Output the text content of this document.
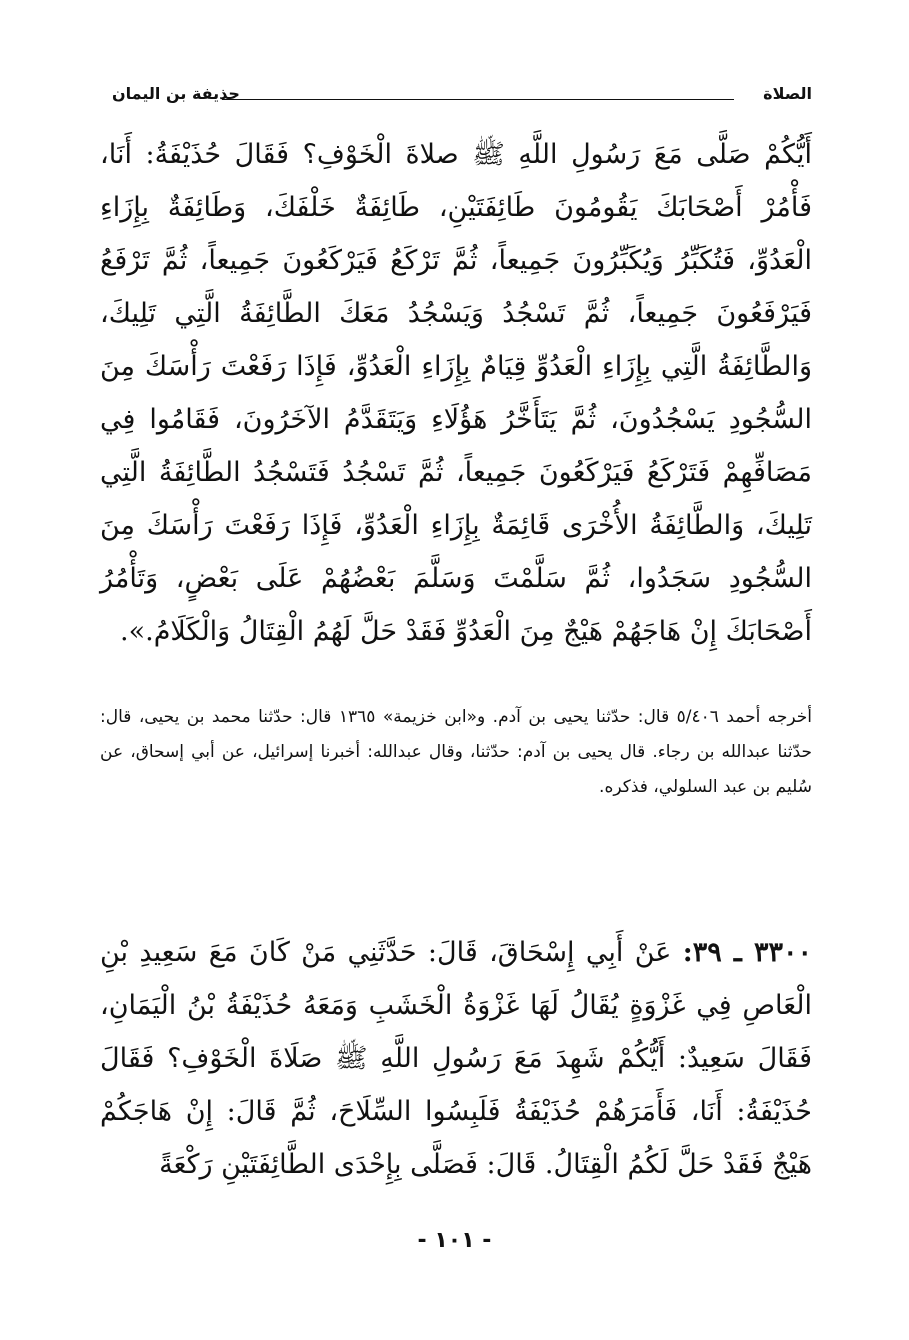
الصلاة
حذيفة بن اليمان

أَيُّكُمْ صَلَّى مَعَ رَسُولِ اللَّهِ ﷺ صلاةَ الْخَوْفِ؟ فَقَالَ حُذَيْفَةُ: أَنَا، فَأْمُرْ أَصْحَابَكَ يَقُومُونَ طَائِفَتَيْنِ، طَائِفَةٌ خَلْفَكَ، وَطَائِفَةٌ بِإِزَاءِ الْعَدُوِّ، فَتُكَبِّرُ وَيُكَبِّرُونَ جَمِيعاً، ثُمَّ تَرْكَعُ فَيَرْكَعُونَ جَمِيعاً، ثُمَّ تَرْفَعُ فَيَرْفَعُونَ جَمِيعاً، ثُمَّ تَسْجُدُ وَيَسْجُدُ مَعَكَ الطَّائِفَةُ الَّتِي تَلِيكَ، وَالطَّائِفَةُ الَّتِي بِإِزَاءِ الْعَدُوِّ قِيَامٌ بِإِزَاءِ الْعَدُوِّ، فَإِذَا رَفَعْتَ رَأْسَكَ مِنَ السُّجُودِ يَسْجُدُونَ، ثُمَّ يَتَأَخَّرُ هَؤُلَاءِ وَيَتَقَدَّمُ الآخَرُونَ، فَقَامُوا فِي مَصَافِّهِمْ فَتَرْكَعُ فَيَرْكَعُونَ جَمِيعاً، ثُمَّ تَسْجُدُ فَتَسْجُدُ الطَّائِفَةُ الَّتِي تَلِيكَ، وَالطَّائِفَةُ الأُخْرَى قَائِمَةٌ بِإِزَاءِ الْعَدُوِّ، فَإِذَا رَفَعْتَ رَأْسَكَ مِنَ السُّجُودِ سَجَدُوا، ثُمَّ سَلَّمْتَ وَسَلَّمَ بَعْضُهُمْ عَلَى بَعْضٍ، وَتَأْمُرُ أَصْحَابَكَ إِنْ هَاجَهُمْ هَيْجٌ مِنَ الْعَدُوِّ فَقَدْ حَلَّ لَهُمُ الْقِتَالُ وَالْكَلَامُ.».

أخرجه أحمد ٥/٤٠٦ قال: حدّثنا يحيى بن آدم. و«ابن خزيمة» ١٣٦٥ قال: حدّثنا محمد بن يحيى، قال: حدّثنا عبدالله بن رجاء. قال يحيى بن آدم: حدّثنا، وقال عبدالله: أخبرنا إسرائيل، عن أبي إسحاق، عن سُليم بن عبد السلولي، فذكره.

٣٣٠٠ ـ ٣٩: عَنْ أَبِي إِسْحَاقَ، قَالَ: حَدَّثَنِي مَنْ كَانَ مَعَ سَعِيدِ بْنِ الْعَاصِ فِي غَزْوَةٍ يُقَالُ لَهَا غَزْوَةُ الْخَشَبِ وَمَعَهُ حُذَيْفَةُ بْنُ الْيَمَانِ، فَقَالَ سَعِيدٌ: أَيُّكُمْ شَهِدَ مَعَ رَسُولِ اللَّهِ ﷺ صَلَاةَ الْخَوْفِ؟ فَقَالَ حُذَيْفَةُ: أَنَا، فَأَمَرَهُمْ حُذَيْفَةُ فَلَبِسُوا السِّلَاحَ، ثُمَّ قَالَ: إِنْ هَاجَكُمْ هَيْجٌ فَقَدْ حَلَّ لَكُمُ الْقِتَالُ. قَالَ: فَصَلَّى بِإِحْدَى الطَّائِفَتَيْنِ رَكْعَةً

- ١٠١ -
